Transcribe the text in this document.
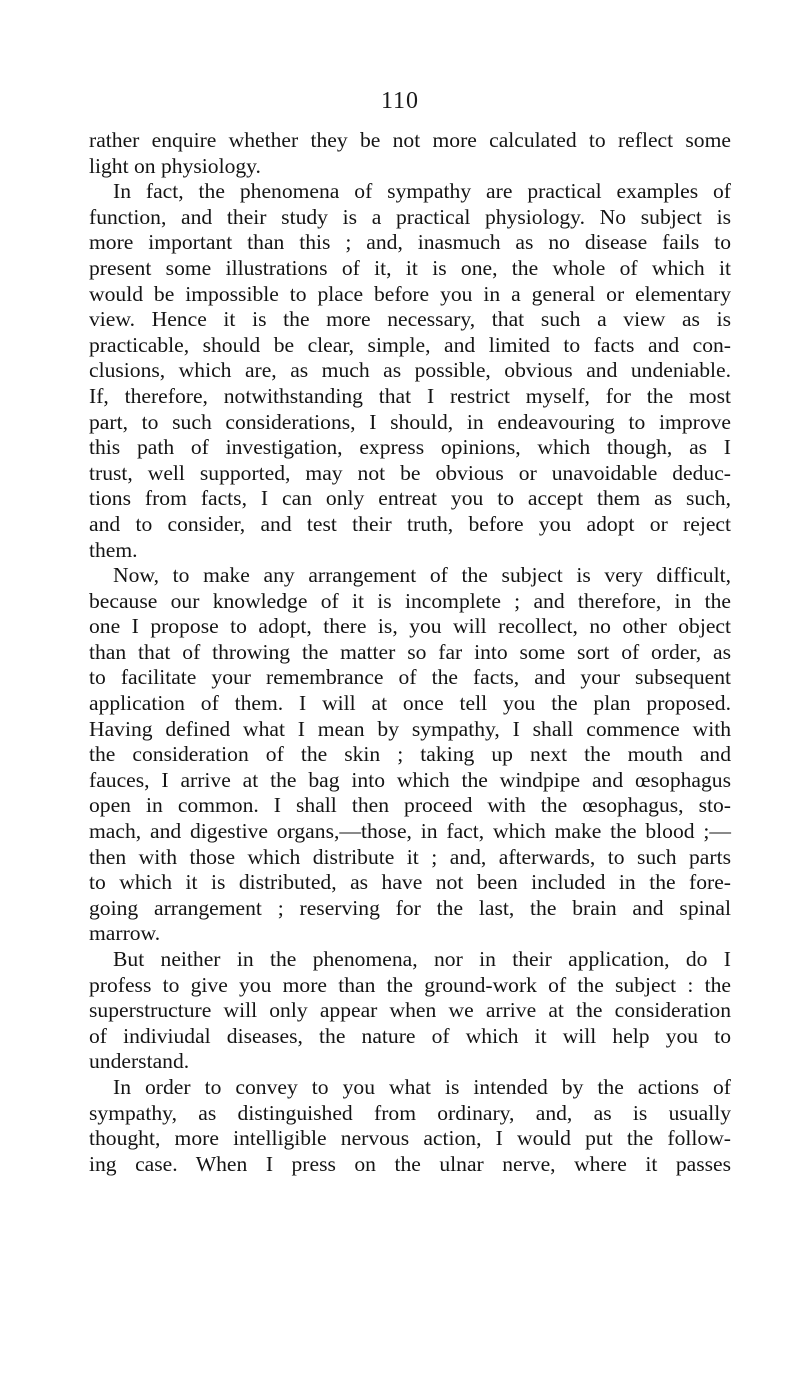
110
rather enquire whether they be not more calculated to reflect some
light on physiology.
In fact, the phenomena of sympathy are practical examples of
function, and their study is a practical physiology. No subject is
more important than this ; and, inasmuch as no disease fails to
present some illustrations of it, it is one, the whole of which it
would be impossible to place before you in a general or elementary
view. Hence it is the more necessary, that such a view as is
practicable, should be clear, simple, and limited to facts and con-
clusions, which are, as much as possible, obvious and undeniable.
If, therefore, notwithstanding that I restrict myself, for the most
part, to such considerations, I should, in endeavouring to improve
this path of investigation, express opinions, which though, as I
trust, well supported, may not be obvious or unavoidable deduc-
tions from facts, I can only entreat you to accept them as such,
and to consider, and test their truth, before you adopt or reject
them.
Now, to make any arrangement of the subject is very difficult,
because our knowledge of it is incomplete ; and therefore, in the
one I propose to adopt, there is, you will recollect, no other object
than that of throwing the matter so far into some sort of order, as
to facilitate your remembrance of the facts, and your subsequent
application of them. I will at once tell you the plan proposed.
Having defined what I mean by sympathy, I shall commence with
the consideration of the skin ; taking up next the mouth and
fauces, I arrive at the bag into which the windpipe and œsophagus
open in common. I shall then proceed with the œsophagus, sto-
mach, and digestive organs,—those, in fact, which make the blood ;—
then with those which distribute it ; and, afterwards, to such parts
to which it is distributed, as have not been included in the fore-
going arrangement ; reserving for the last, the brain and spinal
marrow.
But neither in the phenomena, nor in their application, do I
profess to give you more than the ground-work of the subject : the
superstructure will only appear when we arrive at the consideration
of indiviudal diseases, the nature of which it will help you to
understand.
In order to convey to you what is intended by the actions of
sympathy, as distinguished from ordinary, and, as is usually
thought, more intelligible nervous action, I would put the follow-
ing case. When I press on the ulnar nerve, where it passes
